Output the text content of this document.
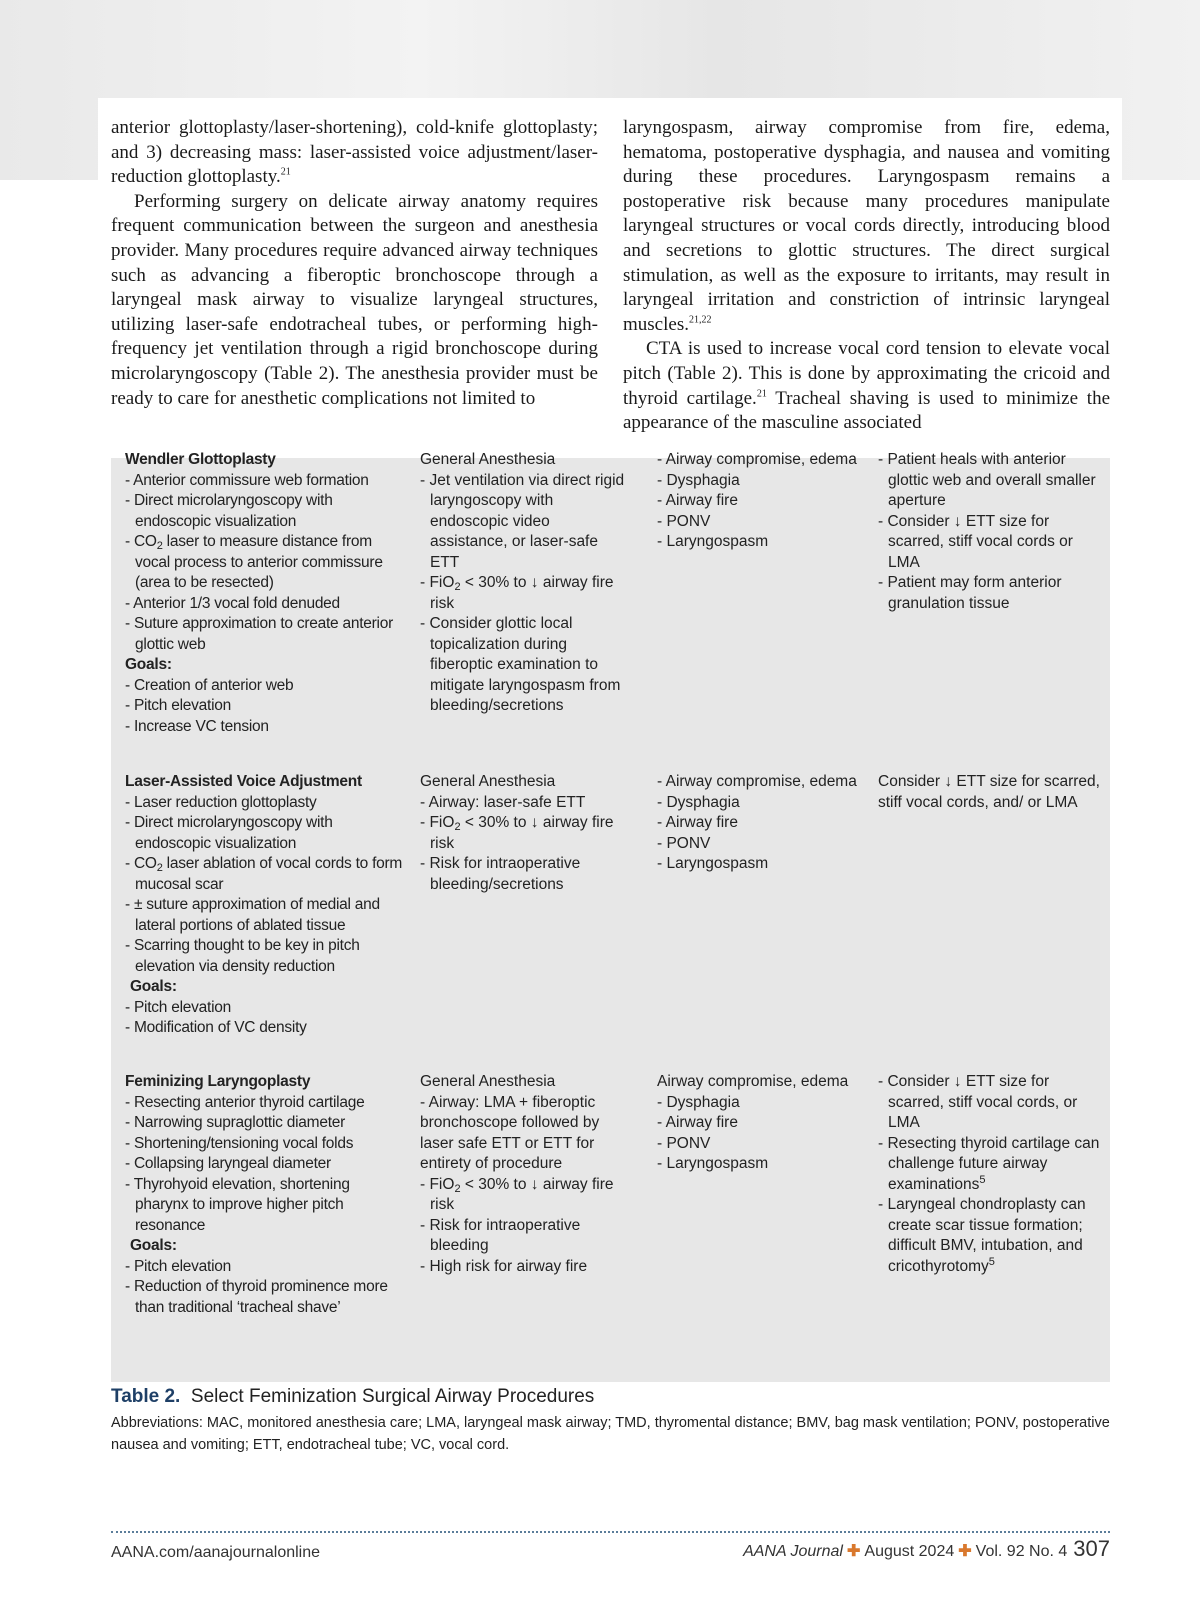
anterior glottoplasty/laser-shortening), cold-knife glottoplasty; and 3) decreasing mass: laser-assisted voice adjustment/laser-reduction glottoplasty.$^{21}$

Performing surgery on delicate airway anatomy requires frequent communication between the surgeon and anesthesia provider. Many procedures require advanced airway techniques such as advancing a fiberoptic bronchoscope through a laryngeal mask airway to visualize laryngeal structures, utilizing laser-safe endotracheal tubes, or performing high-frequency jet ventilation through a rigid bronchoscope during microlaryngoscopy (Table 2). The anesthesia provider must be ready to care for anesthetic complications not limited to

laryngospasm, airway compromise from fire, edema, hematoma, postoperative dysphagia, and nausea and vomiting during these procedures. Laryngospasm remains a postoperative risk because many procedures manipulate laryngeal structures or vocal cords directly, introducing blood and secretions to glottic structures. The direct surgical stimulation, as well as the exposure to irritants, may result in laryngeal irritation and constriction of intrinsic laryngeal muscles.$^{21,22}$

CTA is used to increase vocal cord tension to elevate vocal pitch (Table 2). This is done by approximating the cricoid and thyroid cartilage.$^{21}$ Tracheal shaving is used to minimize the appearance of the masculine associated

Wendler Glottoplasty
- Anterior commissure web formation
- Direct microlaryngoscopy with endoscopic visualization
- $CO_2$ laser to measure distance from vocal process to anterior commissure (area to be resected)
- Anterior 1/3 vocal fold denuded
- Suture approximation to create anterior glottic web
Goals:
- Creation of anterior web
- Pitch elevation
- Increase VC tension
General Anesthesia
- Jet ventilation via direct rigid laryngoscopy with endoscopic video assistance, or laser-safe ETT
- FiO$_2$ < 30% to ↓ airway fire risk
- Consider glottic local topicalization during fiberoptic examination to mitigate laryngospasm from bleeding/secretions
- Airway compromise, edema
- Dysphagia
- Airway fire
- PONV
- Laryngospasm
- Patient heals with anterior glottic web and overall smaller aperture
- Consider ↓ ETT size for scarred, stiff vocal cords or LMA
- Patient may form anterior granulation tissue
Laser-Assisted Voice Adjustment
- Laser reduction glottoplasty
- Direct microlaryngoscopy with endoscopic visualization
- $CO_2$ laser ablation of vocal cords to form mucosal scar
- ± suture approximation of medial and lateral portions of ablated tissue
- Scarring thought to be key in pitch elevation via density reduction
Goals:
- Pitch elevation
- Modification of VC density
General Anesthesia
- Airway: laser-safe ETT
- FiO$_2$ < 30% to ↓ airway fire risk
- Risk for intraoperative bleeding/secretions
- Airway compromise, edema
- Dysphagia
- Airway fire
- PONV
- Laryngospasm
Consider ↓ ETT size for scarred, stiff vocal cords, and/ or LMA
Feminizing Laryngoplasty
- Resecting anterior thyroid cartilage
- Narrowing supraglottic diameter
- Shortening/tensioning vocal folds
- Collapsing laryngeal diameter
- Thyrohyoid elevation, shortening pharynx to improve higher pitch resonance
Goals:
- Pitch elevation
- Reduction of thyroid prominence more than traditional ‘tracheal shave’
General Anesthesia
- Airway: LMA + fiberoptic bronchoscope followed by laser safe ETT or ETT for entirety of procedure
- FiO$_2$ < 30% to ↓ airway fire risk
- Risk for intraoperative bleeding
- High risk for airway fire
Airway compromise, edema
- Dysphagia
- Airway fire
- PONV
- Laryngospasm
- Consider ↓ ETT size for scarred, stiff vocal cords, or LMA
- Resecting thyroid cartilage can challenge future airway examinations$^5$
- Laryngeal chondroplasty can create scar tissue formation; difficult BMV, intubation, and cricothyrotomy$^5$
Table 2. Select Feminization Surgical Airway Procedures
Abbreviations: MAC, monitored anesthesia care; LMA, laryngeal mask airway; TMD, thyromental distance; BMV, bag mask ventilation; PONV, postoperative nausea and vomiting; ETT, endotracheal tube; VC, vocal cord.
AANA.com/aanajournalonline	AANA Journal ✚ August 2024 ✚ Vol. 92 No. 4 307
